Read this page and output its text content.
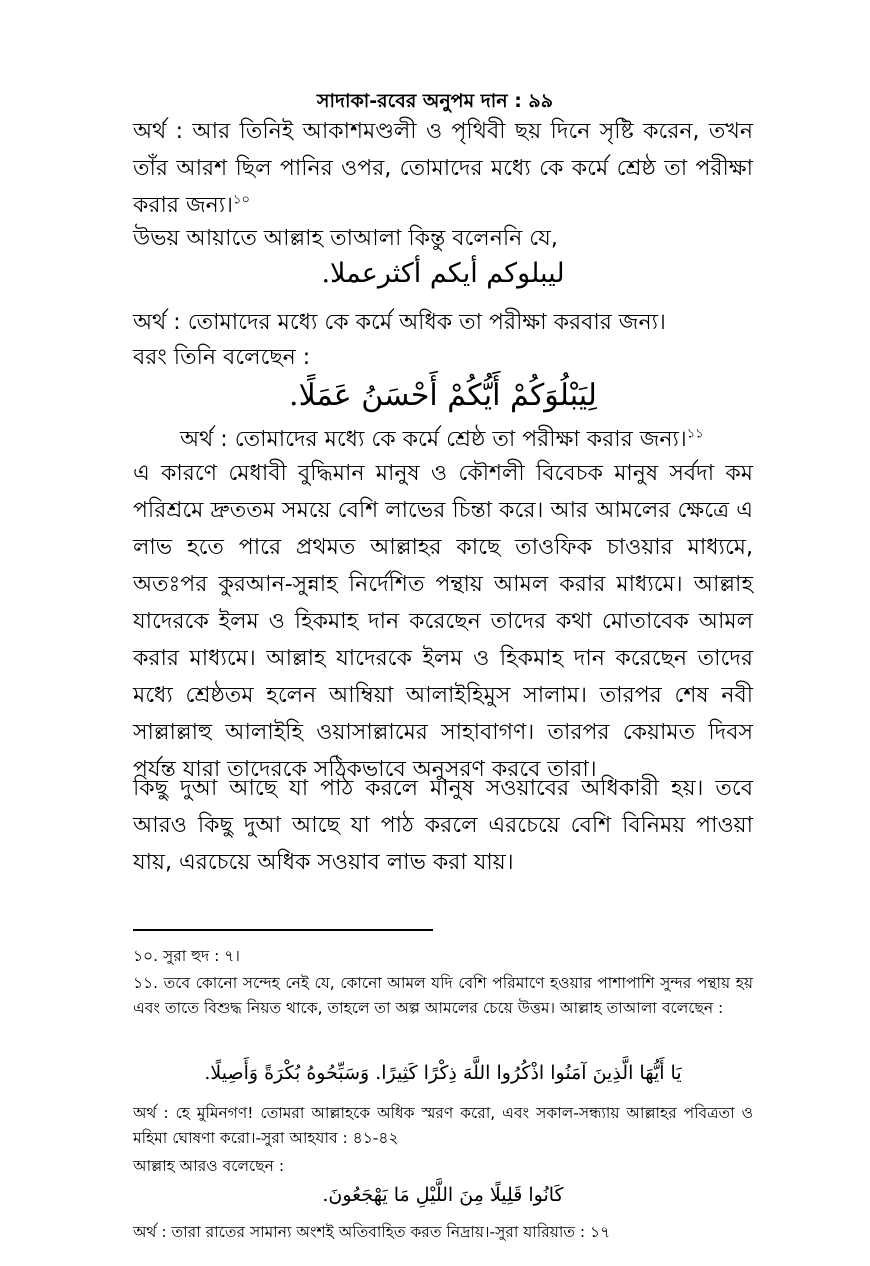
সাদাকা-রবের অনুপম দান : ৯৯

অর্থ : আর তিনিই আকাশমণ্ডলী ও পৃথিবী ছয় দিনে সৃষ্টি করেন, তখন তাঁর আরশ ছিল পানির ওপর, তোমাদের মধ্যে কে কর্মে শ্রেষ্ঠ তা পরীক্ষা করার জন্য।$^{১০}$

উভয় আয়াতে আল্লাহ তাআলা কিন্তু বলেননি যে,

ليبلوكم أيكم أكثرعملا.

অর্থ : তোমাদের মধ্যে কে কর্মে অধিক তা পরীক্ষা করবার জন্য।

বরং তিনি বলেছেন :

لِيَبْلُوَكُمْ أَيُّكُمْ أَحْسَنُ عَمَلًا.

অর্থ : তোমাদের মধ্যে কে কর্মে শ্রেষ্ঠ তা পরীক্ষা করার জন্য।$^{১১}$

এ কারণে মেধাবী বুদ্ধিমান মানুষ ও কৌশলী বিবেচক মানুষ সর্বদা কম পরিশ্রমে দ্রুততম সময়ে বেশি লাভের চিন্তা করে। আর আমলের ক্ষেত্রে এ লাভ হতে পারে প্রথমত আল্লাহর কাছে তাওফিক চাওয়ার মাধ্যমে, অতঃপর কুরআন-সুন্নাহ নির্দেশিত পন্থায় আমল করার মাধ্যমে। আল্লাহ যাদেরকে ইলম ও হিকমাহ দান করেছেন তাদের কথা মোতাবেক আমল করার মাধ্যমে। আল্লাহ যাদেরকে ইলম ও হিকমাহ দান করেছেন তাদের মধ্যে শ্রেষ্ঠতম হলেন আম্বিয়া আলাইহিমুস সালাম। তারপর শেষ নবী সাল্লাল্লাহু আলাইহি ওয়াসাল্লামের সাহাবাগণ। তারপর কেয়ামত দিবস পর্যন্ত যারা তাদেরকে সঠিকভাবে অনুসরণ করবে তারা।

কিছু দুআ আছে যা পাঠ করলে মানুষ সওয়াবের অধিকারী হয়। তবে আরও কিছু দুআ আছে যা পাঠ করলে এরচেয়ে বেশি বিনিময় পাওয়া যায়, এরচেয়ে অধিক সওয়াব লাভ করা যায়।

১০. সুরা হুদ : ৭।

১১. তবে কোনো সন্দেহ নেই যে, কোনো আমল যদি বেশি পরিমাণে হওয়ার পাশাপাশি সুন্দর পন্থায় হয় এবং তাতে বিশুদ্ধ নিয়ত থাকে, তাহলে তা অল্প আমলের চেয়ে উত্তম। আল্লাহ তাআলা বলেছেন :

يَا أَيُّهَا الَّذِينَ آمَنُوا اذْكُرُوا اللَّهَ ذِكْرًا كَثِيرًا. وَسَبِّحُوهُ بُكْرَةً وَأَصِيلًا.

অর্থ : হে মুমিনগণ! তোমরা আল্লাহকে অধিক স্মরণ করো, এবং সকাল-সন্ধ্যায় আল্লাহর পবিত্রতা ও মহিমা ঘোষণা করো।-সুরা আহযাব : ৪১-৪২

আল্লাহ আরও বলেছেন :

كَانُوا قَلِيلًا مِنَ اللَّيْلِ مَا يَهْجَعُونَ.

অর্থ : তারা রাতের সামান্য অংশই অতিবাহিত করত নিদ্রায়।-সুরা যারিয়াত : ১৭
